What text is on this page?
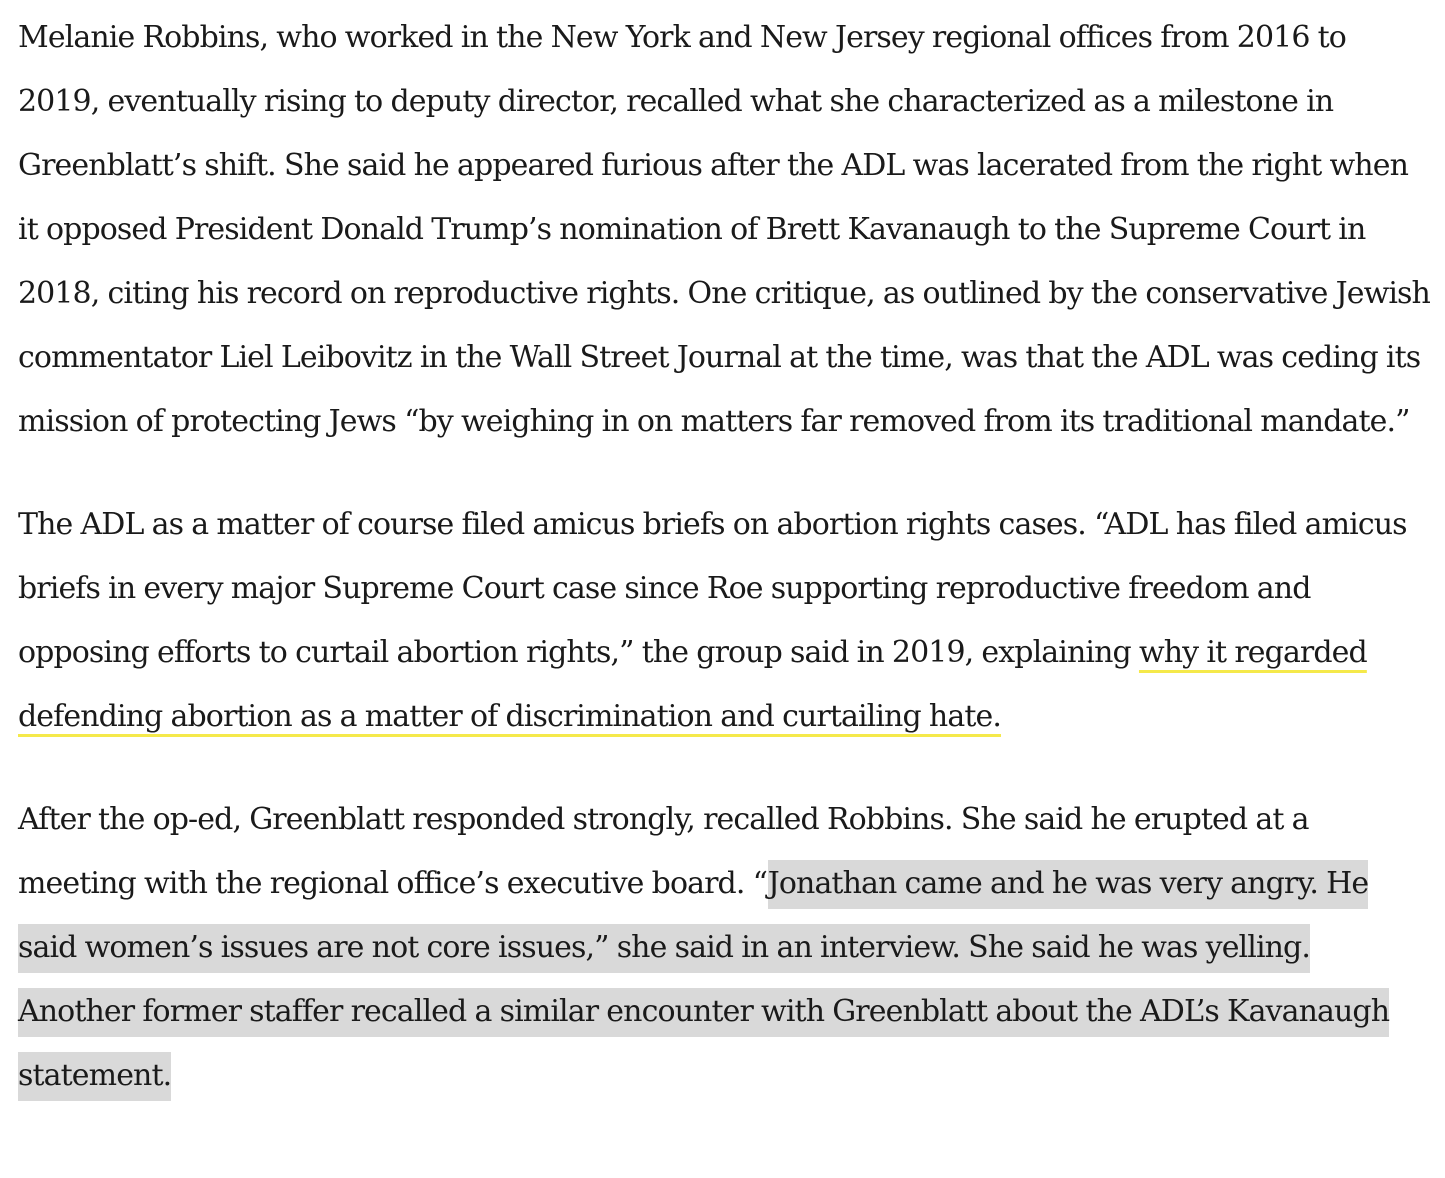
Melanie Robbins, who worked in the New York and New Jersey regional offices from 2016 to 2019, eventually rising to deputy director, recalled what she characterized as a milestone in Greenblatt’s shift. She said he appeared furious after the ADL was lacerated from the right when it opposed President Donald Trump’s nomination of Brett Kavanaugh to the Supreme Court in 2018, citing his record on reproductive rights. One critique, as outlined by the conservative Jewish commentator Liel Leibovitz in the Wall Street Journal at the time, was that the ADL was ceding its mission of protecting Jews “by weighing in on matters far removed from its traditional mandate.”

The ADL as a matter of course filed amicus briefs on abortion rights cases. “ADL has filed amicus briefs in every major Supreme Court case since Roe supporting reproductive freedom and opposing efforts to curtail abortion rights,” the group said in 2019, explaining why it regarded defending abortion as a matter of discrimination and curtailing hate.

After the op-ed, Greenblatt responded strongly, recalled Robbins. She said he erupted at a meeting with the regional office’s executive board. “Jonathan came and he was very angry. He said women’s issues are not core issues,” she said in an interview. She said he was yelling. Another former staffer recalled a similar encounter with Greenblatt about the ADL’s Kavanaugh statement.
